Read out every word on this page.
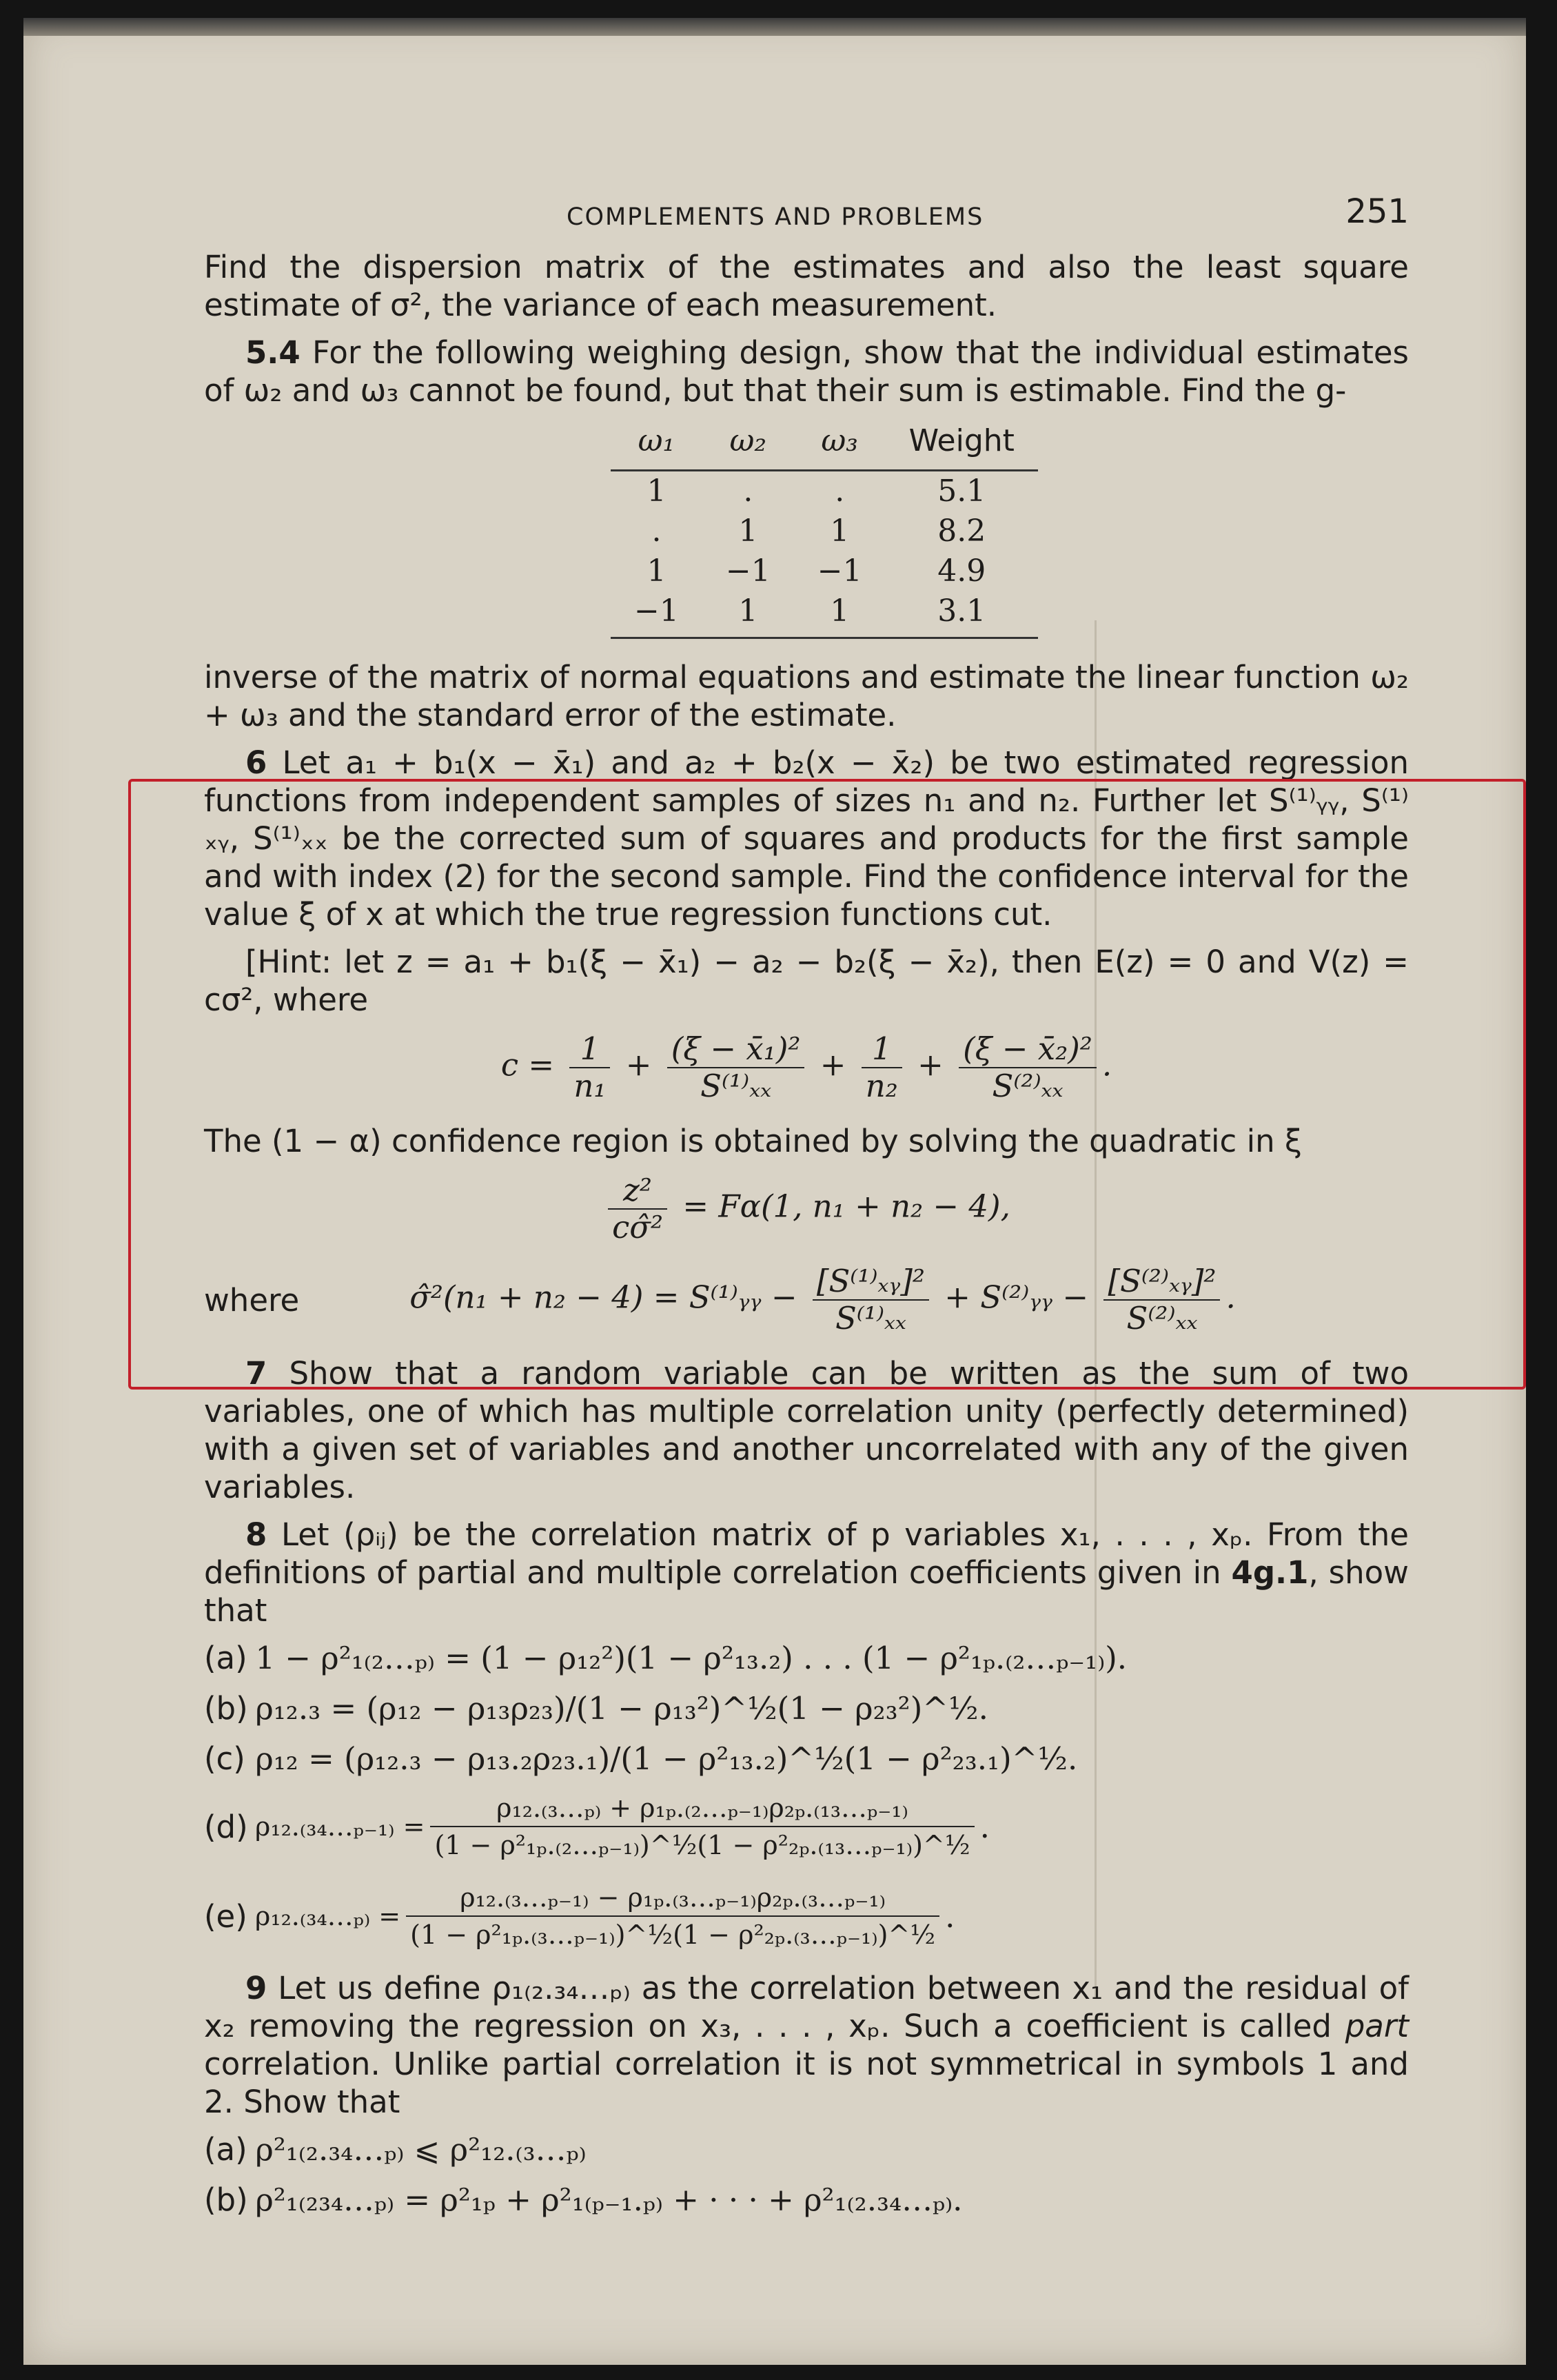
COMPLEMENTS AND PROBLEMS	251

Find the dispersion matrix of the estimates and also the least square estimate of σ², the variance of each measurement.

5.4 For the following weighing design, show that the individual estimates of ω₂ and ω₃ cannot be found, but that their sum is estimable. Find the g-

ω₁	ω₂	ω₃	Weight
1	.	.	5.1
.	1	1	8.2
1	−1	−1	4.9
−1	1	1	3.1

inverse of the matrix of normal equations and estimate the linear function ω₂ + ω₃ and the standard error of the estimate.

6 Let a₁ + b₁(x − x̄₁) and a₂ + b₂(x − x̄₂) be two estimated regression functions from independent samples of sizes n₁ and n₂. Further let S⁽¹⁾ᵧᵧ, S⁽¹⁾ₓᵧ, S⁽¹⁾ₓₓ be the corrected sum of squares and products for the first sample and with index (2) for the second sample. Find the confidence interval for the value ξ of x at which the true regression functions cut.

[Hint: let z = a₁ + b₁(ξ − x̄₁) − a₂ − b₂(ξ − x̄₂), then E(z) = 0 and V(z) = cσ², where

$c = \frac{1}{\text{n₁}} + \frac{\text{(ξ − x̄₁)²}}{\text{S⁽¹⁾ₓₓ}} + \frac{1}{\text{n₂}} + \frac{\text{(ξ − x̄₂)²}}{\text{S⁽²⁾ₓₓ}}$ .

The (1 − α) confidence region is obtained by solving the quadratic in ξ

$\frac{\text{z²}}{\text{cσ̂²}} = F\alpha(1$, n₁ + n₂ − 4),
where	σ̂²(n₁ + n₂ − 4) = S⁽¹⁾ᵧᵧ − $\frac{\text{[S⁽¹⁾ₓᵧ]²}}{\text{S⁽¹⁾ₓₓ}}$ + S⁽²⁾ᵧᵧ − $\frac{\text{[S⁽²⁾ₓᵧ]²}}{\text{S⁽²⁾ₓₓ}}$ .

7 Show that a random variable can be written as the sum of two variables, one of which has multiple correlation unity (perfectly determined) with a given set of variables and another uncorrelated with any of the given variables.

8 Let (ρᵢⱼ) be the correlation matrix of p variables x₁, . . . , xₚ. From the definitions of partial and multiple correlation coefficients given in 4g.1, show that

(a) 1 − ρ²₁₍₂…ₚ₎ = (1 − ρ₁₂²)(1 − ρ²₁₃.₂) . . . (1 − ρ²₁ₚ.₍₂…ₚ₋₁₎).
(b) ρ₁₂.₃ = (ρ₁₂ − ρ₁₃ρ₂₃)/(1 − ρ₁₃²)^½(1 − ρ₂₃²)^½.
(c) ρ₁₂ = (ρ₁₂.₃ − ρ₁₃.₂ρ₂₃.₁)/(1 − ρ²₁₃.₂)^½(1 − ρ²₂₃.₁)^½.
(d) ρ₁₂.₍₃₄…ₚ₋₁₎ = $\frac{\text{ρ₁₂.₍₃…ₚ₎ + ρ₁ₚ.₍₂…ₚ₋₁₎ρ₂ₚ.₍₁₃…ₚ₋₁₎}}{\text{(1 − ρ²₁ₚ.₍₂…ₚ₋₁₎)\textasciicircum{}½(1 − ρ²₂ₚ.₍₁₃…ₚ₋₁₎)\textasciicircum{}½}}$ .
(e) ρ₁₂.₍₃₄…ₚ₎ = $\frac{\text{ρ₁₂.₍₃…ₚ₋₁₎ − ρ₁ₚ.₍₃…ₚ₋₁₎ρ₂ₚ.₍₃…ₚ₋₁₎}}{\text{(1 − ρ²₁ₚ.₍₃…ₚ₋₁₎)\textasciicircum{}½(1 − ρ²₂ₚ.₍₃…ₚ₋₁₎)\textasciicircum{}½}}$ .

9 Let us define ρ₁₍₂.₃₄…ₚ₎ as the correlation between x₁ and the residual of x₂ removing the regression on x₃, . . . , xₚ. Such a coefficient is called part correlation. Unlike partial correlation it is not symmetrical in symbols 1 and 2. Show that

(a) ρ²₁₍₂.₃₄…ₚ₎ ⩽ ρ²₁₂.₍₃…ₚ₎
(b) ρ²₁₍₂₃₄…ₚ₎ = ρ²₁ₚ + ρ²₁₍ₚ₋₁.ₚ₎ + · · · + ρ²₁₍₂.₃₄…ₚ₎.
